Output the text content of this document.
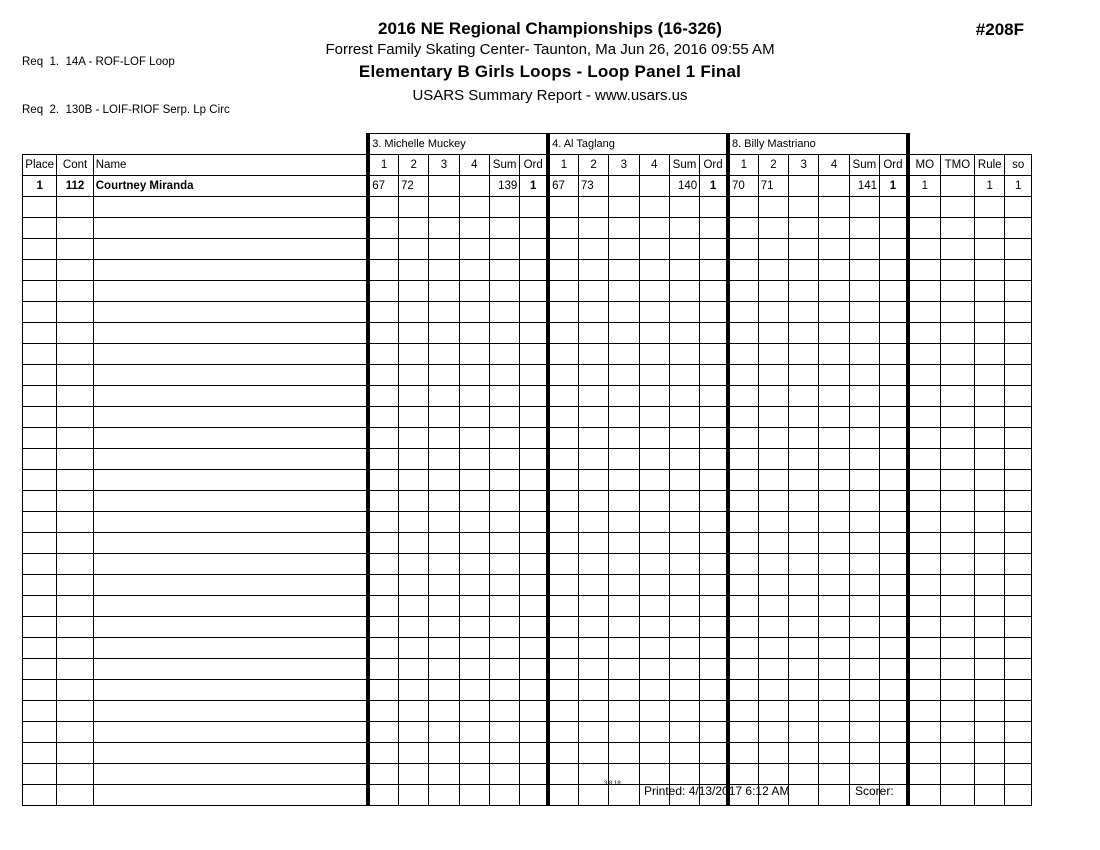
Req  1.  14A - ROF-LOF Loop

Req  2.  130B - LOIF-RIOF Serp. Lp Circ

2016 NE Regional Championships (16-326)
Forrest Family Skating Center- Taunton, Ma Jun 26, 2016 09:55 AM
Elementary B Girls Loops - Loop Panel 1 Final
USARS Summary Report - www.usars.us
#208F
			3. Michelle Muckey						4. Al Taglang						8. Billy Mastriano									
Place	Cont	Name	1	2	3	4	Sum	Ord	1	2	3	4	Sum	Ord	1	2	3	4	Sum	Ord	MO	TMO	Rule	so
1	112	Courtney Miranda	67	72			139	1	67	73			140	1	70	71			141	1	1		1	1

3.8.18 Printed: 4/13/2017 6:12 AM	Scorer:
